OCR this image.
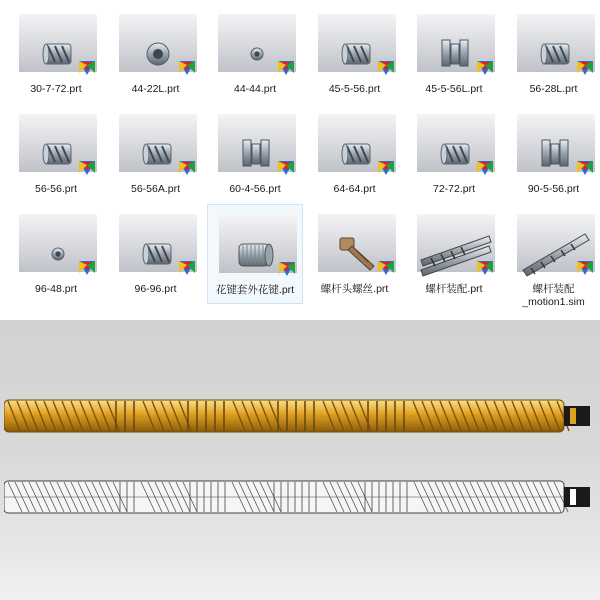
30-7-72.prt	44-22L.prt	44-44.prt	45-5-56.prt	45-5-56L.prt	56-28L.prt
56-56.prt	56-56A.prt	60-4-56.prt	64-64.prt	72-72.prt	90-5-56.prt
96-48.prt	96-96.prt	花键套外花键.prt	螺杆头螺丝.prt	螺杆装配.prt	螺杆装配
_motion1.sim
